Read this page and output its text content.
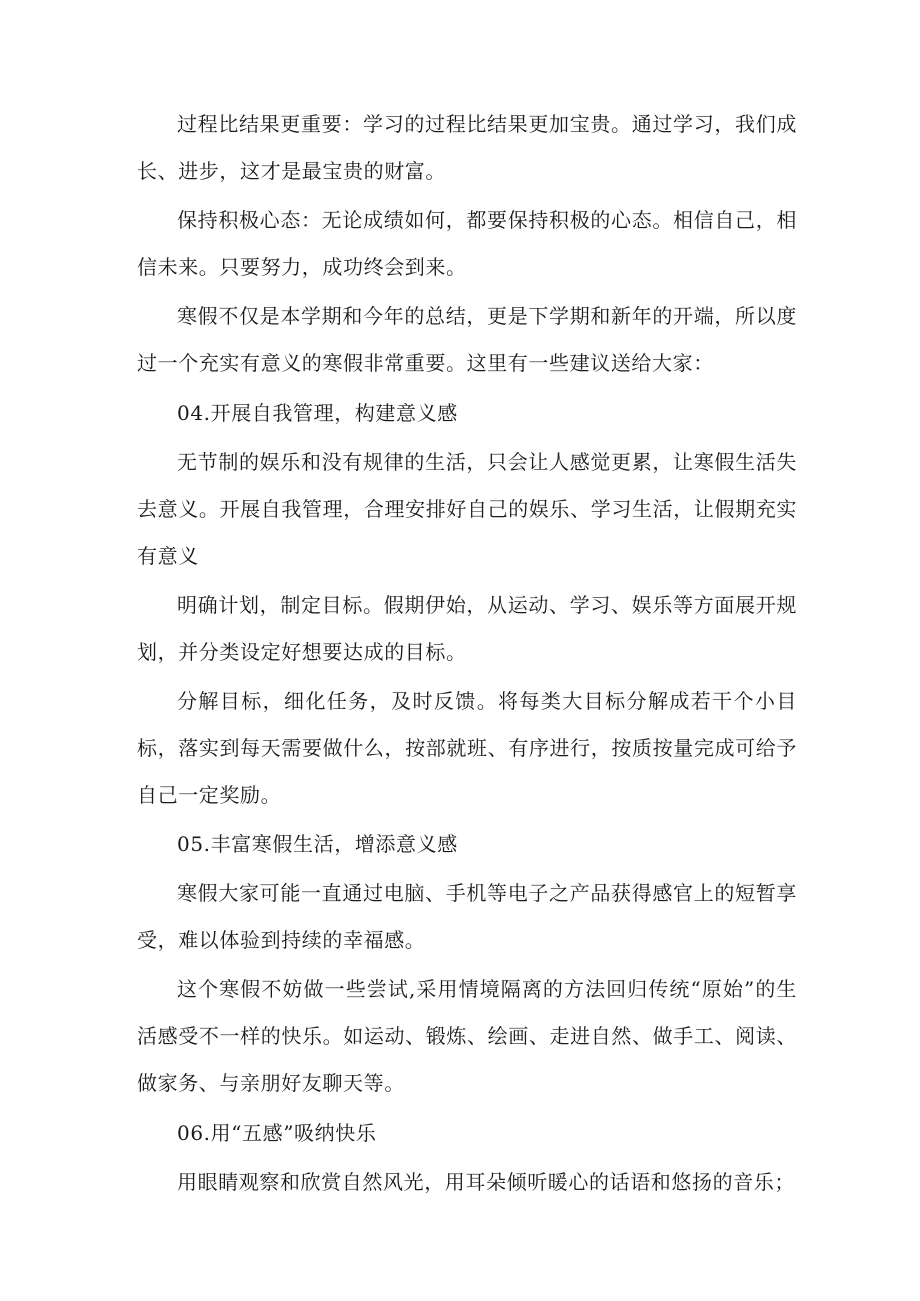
过程比结果更重要：学习的过程比结果更加宝贵。通过学习，我们成长、进步，这才是最宝贵的财富。

保持积极心态：无论成绩如何，都要保持积极的心态。相信自己，相信未来。只要努力，成功终会到来。

寒假不仅是本学期和今年的总结，更是下学期和新年的开端，所以度过一个充实有意义的寒假非常重要。这里有一些建议送给大家：

04.开展自我管理，构建意义感

无节制的娱乐和没有规律的生活，只会让人感觉更累，让寒假生活失去意义。开展自我管理，合理安排好自己的娱乐、学习生活，让假期充实有意义

明确计划，制定目标。假期伊始，从运动、学习、娱乐等方面展开规划，并分类设定好想要达成的目标。

分解目标，细化任务，及时反馈。将每类大目标分解成若干个小目标，落实到每天需要做什么，按部就班、有序进行，按质按量完成可给予自己一定奖励。

05.丰富寒假生活，增添意义感

寒假大家可能一直通过电脑、手机等电子之产品获得感官上的短暂享受，难以体验到持续的幸福感。

这个寒假不妨做一些尝试,采用情境隔离的方法回归传统“原始”的生活感受不一样的快乐。如运动、锻炼、绘画、走进自然、做手工、阅读、做家务、与亲朋好友聊天等。

06.用“五感”吸纳快乐

用眼睛观察和欣赏自然风光，用耳朵倾听暖心的话语和悠扬的音乐；
